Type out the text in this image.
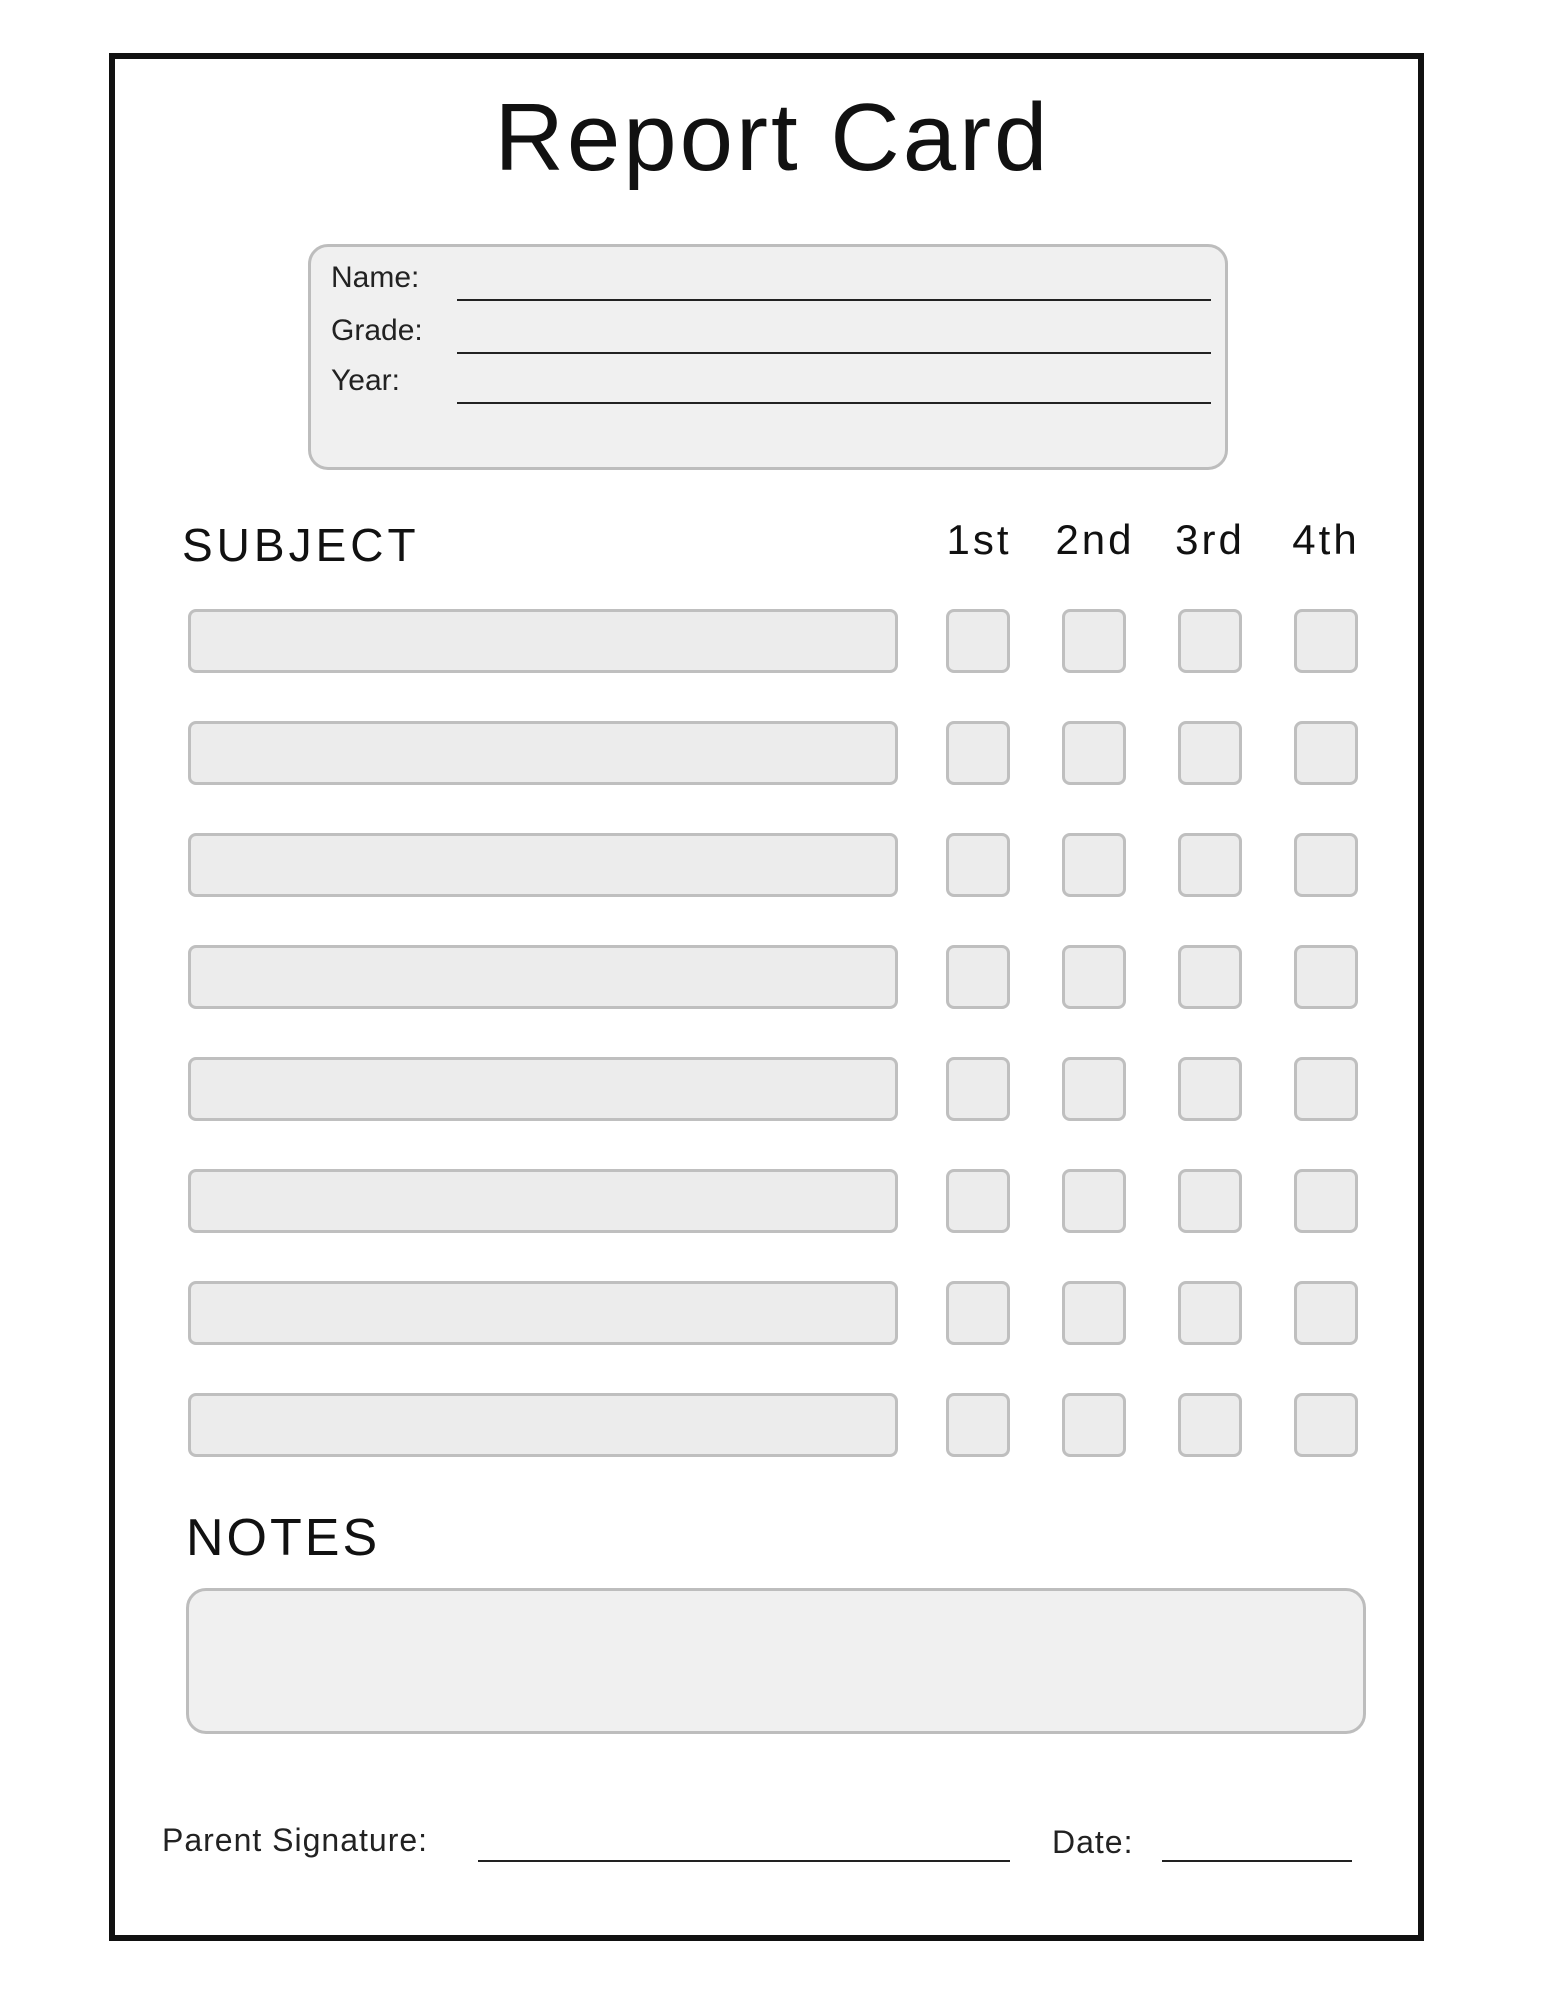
Report Card
Name:
Grade:
Year:
SUBJECT	1st 2nd 3rd 4th
NOTES
Parent Signature:	Date:
